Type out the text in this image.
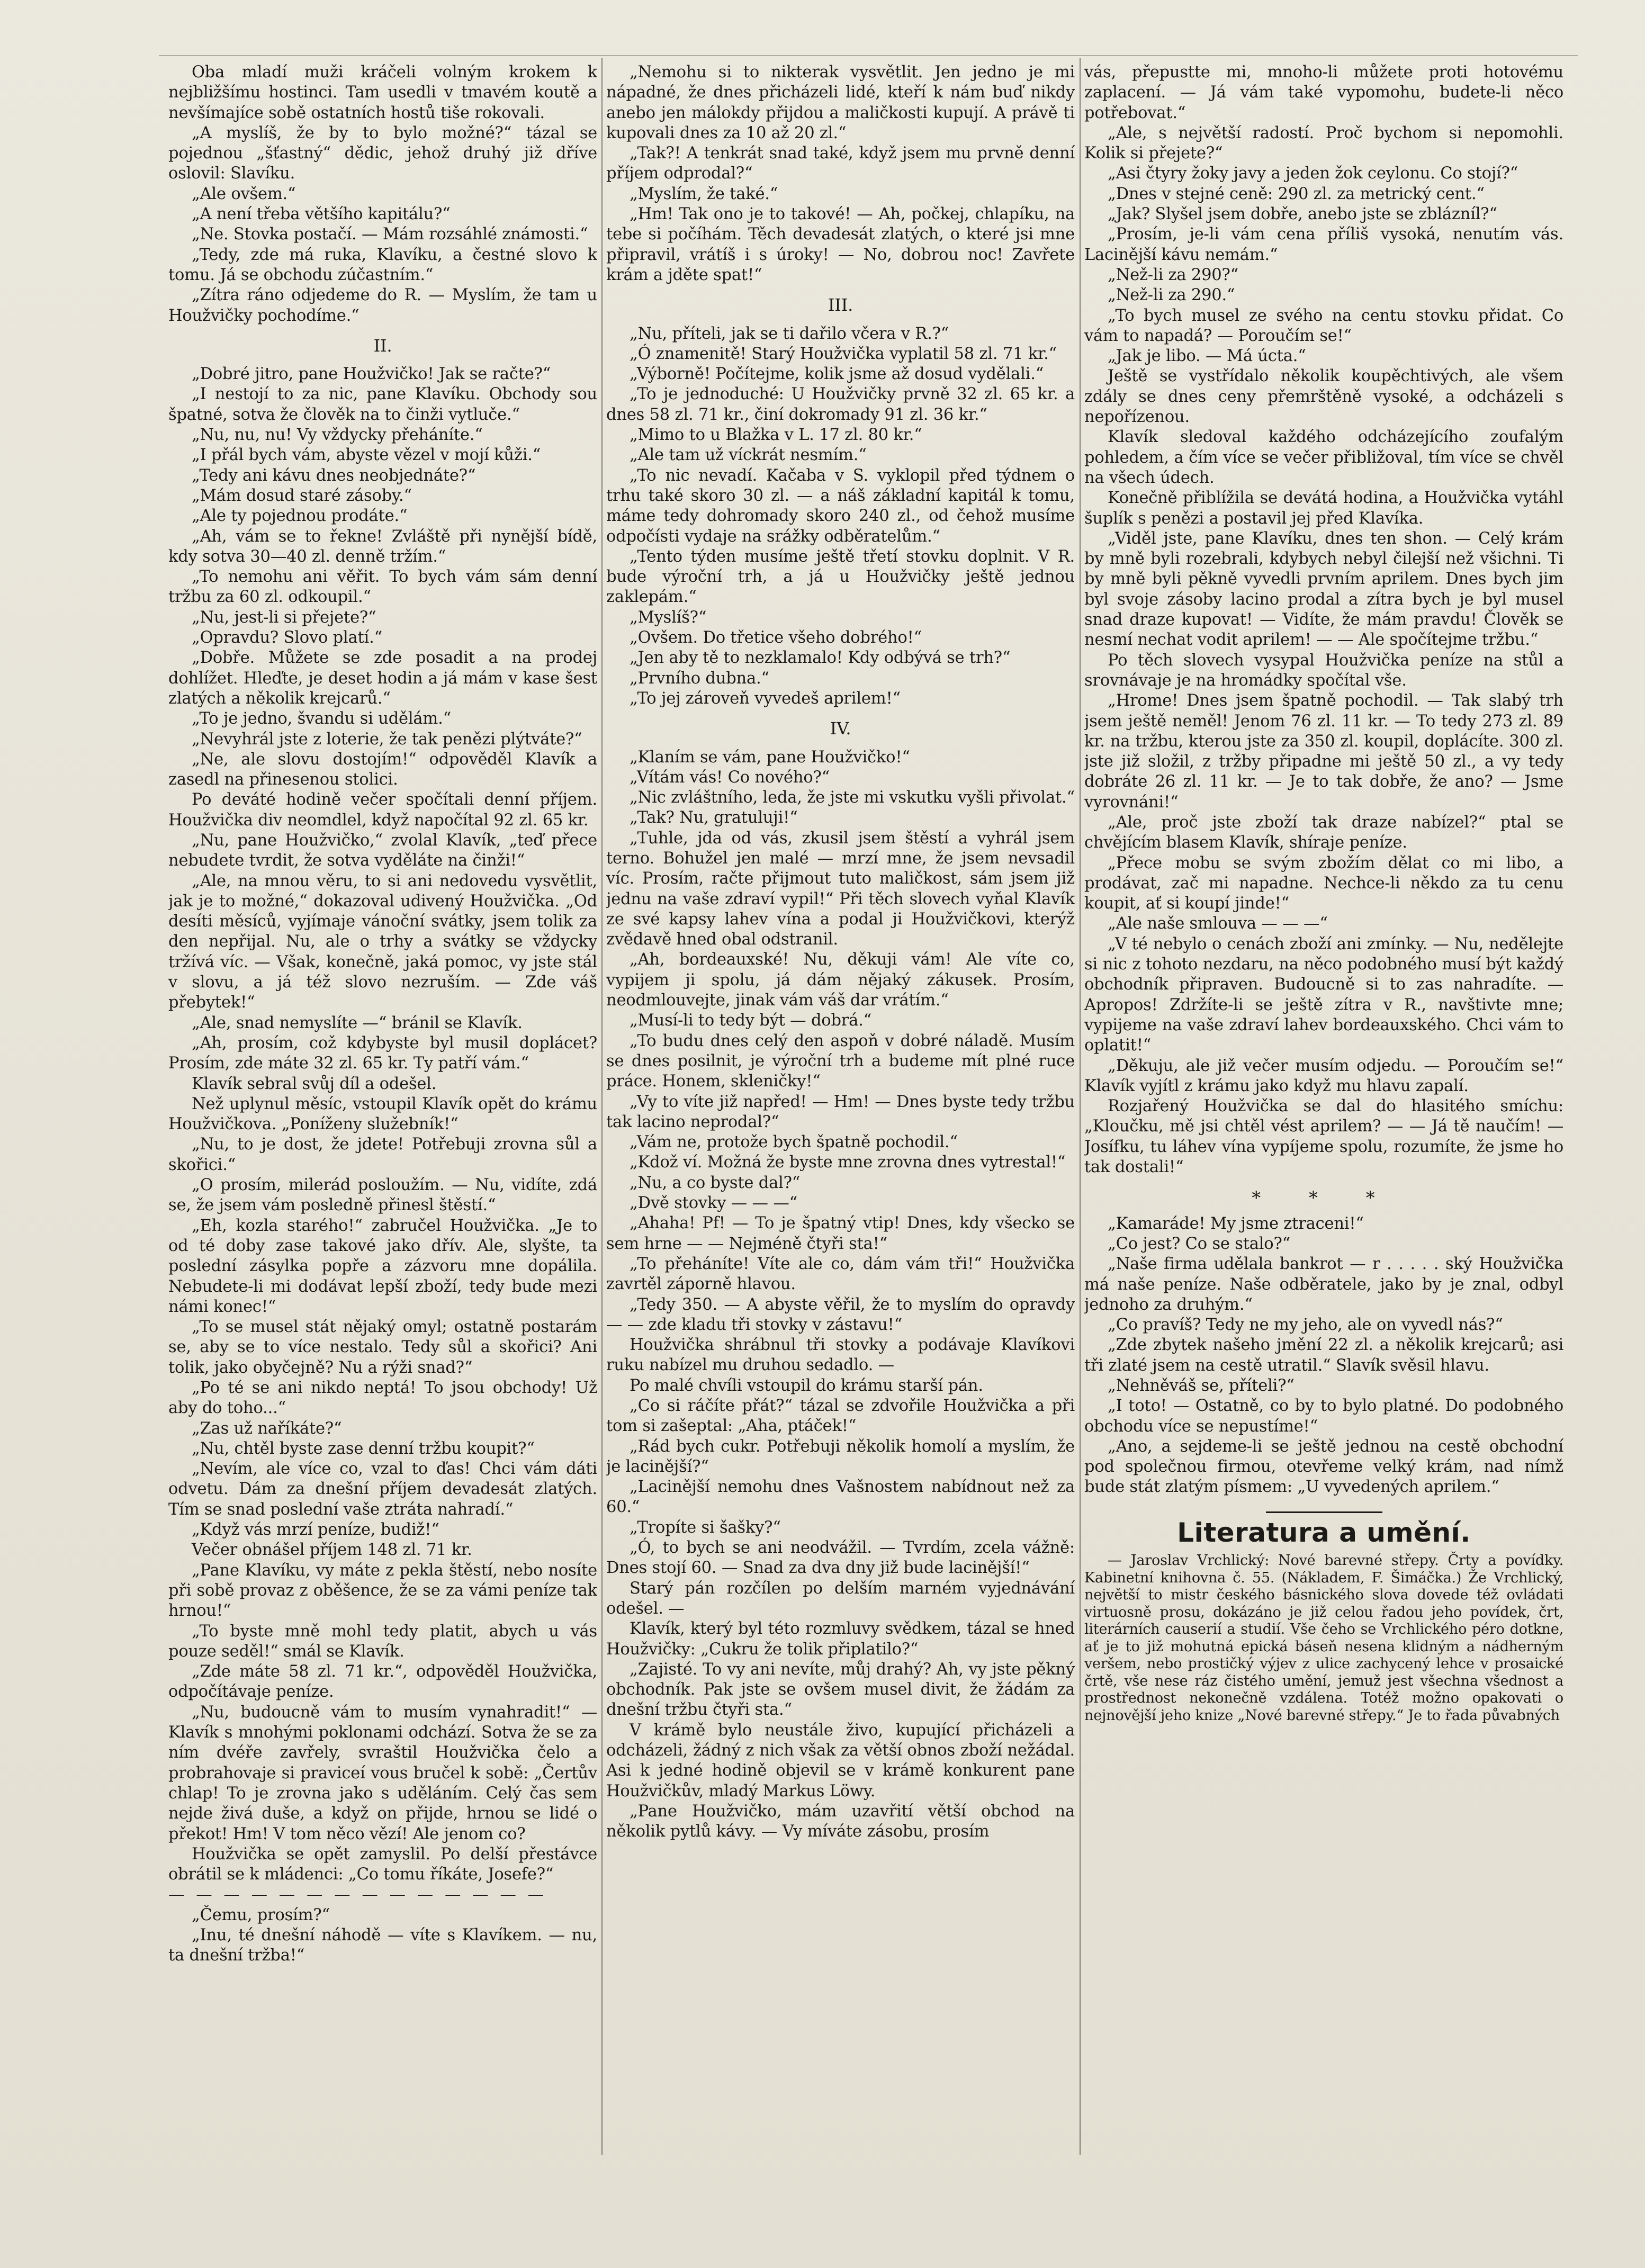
Oba mladí muži kráčeli volným krokem k nejbližšímu hostinci. Tam usedli v tmavém koutě a nevšímajíce sobě ostatních hostů tiše rokovali.

„A myslíš, že by to bylo možné?“ tázal se pojednou „šťastný“ dědic, jehož druhý již dříve oslovil: Slavíku.

„Ale ovšem.“

„A není třeba většího kapitálu?“

„Ne. Stovka postačí. — Mám rozsáhlé známosti.“

„Tedy, zde má ruka, Klavíku, a čestné slovo k tomu. Já se obchodu zúčastním.“

„Zítra ráno odjedeme do R. — Myslím, že tam u Houžvičky pochodíme.“

II.

„Dobré jitro, pane Houžvičko! Jak se račte?“

„I nestojí to za nic, pane Klavíku. Obchody sou špatné, sotva že člověk na to činži vytluče.“

„Nu, nu, nu! Vy vždycky přeháníte.“

„I přál bych vám, abyste vězel v mojí kůži.“

„Tedy ani kávu dnes neobjednáte?“

„Mám dosud staré zásoby.“

„Ale ty pojednou prodáte.“

„Ah, vám se to řekne! Zvláště při nynější bídě, kdy sotva 30—40 zl. denně tržím.“

„To nemohu ani věřit. To bych vám sám denní tržbu za 60 zl. odkoupil.“

„Nu, jest-li si přejete?“

„Opravdu? Slovo platí.“

„Dobře. Můžete se zde posadit a na prodej dohlížet. Hleďte, je deset hodin a já mám v kase šest zlatých a několik krejcarů.“

„To je jedno, švandu si udělám.“

„Nevyhrál jste z loterie, že tak penězi plýtváte?“

„Ne, ale slovu dostojím!“ odpověděl Klavík a zasedl na přinesenou stolici.

Po deváté hodině večer spočítali denní příjem. Houžvička div neomdlel, když napočítal 92 zl. 65 kr.

„Nu, pane Houžvičko,“ zvolal Klavík, „teď přece nebudete tvrdit, že sotva vyděláte na činži!“

„Ale, na mnou věru, to si ani nedovedu vysvětlit, jak je to možné,“ dokazoval udivený Houžvička. „Od desíti měsíců, vyjímaje vánoční svátky, jsem tolik za den nepřijal. Nu, ale o trhy a svátky se vždycky tržívá víc. — Však, konečně, jaká pomoc, vy jste stál v slovu, a já též slovo nezruším. — Zde váš přebytek!“

„Ale, snad nemyslíte —“ bránil se Klavík.

„Ah, prosím, což kdybyste byl musil doplácet? Prosím, zde máte 32 zl. 65 kr. Ty patří vám.“

Klavík sebral svůj díl a odešel.

Než uplynul měsíc, vstoupil Klavík opět do krámu Houžvičkova. „Poníženy služebník!“

„Nu, to je dost, že jdete! Potřebuji zrovna sůl a skořici.“

„O prosím, milerád posloužím. — Nu, vidíte, zdá se, že jsem vám posledně přinesl štěstí.“

„Eh, kozla starého!“ zabručel Houžvička. „Je to od té doby zase takové jako dřív. Ale, slyšte, ta poslední zásylka popře a zázvoru mne dopálila. Nebudete-li mi dodávat lepší zboží, tedy bude mezi námi konec!“

„To se musel stát nějaký omyl; ostatně postarám se, aby se to více nestalo. Tedy sůl a skořici? Ani tolik, jako obyčejně? Nu a rýži snad?“

„Po té se ani nikdo neptá! To jsou obchody! Už aby do toho...“

„Zas už naříkáte?“

„Nu, chtěl byste zase denní tržbu koupit?“

„Nevím, ale více co, vzal to ďas! Chci vám dáti odvetu. Dám za dnešní příjem devadesát zlatých. Tím se snad poslední vaše ztráta nahradí.“

„Když vás mrzí peníze, budiž!“

Večer obnášel příjem 148 zl. 71 kr.

„Pane Klavíku, vy máte z pekla štěstí, nebo nosíte při sobě provaz z oběšence, že se za vámi peníze tak hrnou!“

„To byste mně mohl tedy platit, abych u vás pouze seděl!“ smál se Klavík.

„Zde máte 58 zl. 71 kr.“, odpověděl Houžvička, odpočítávaje peníze.

„Nu, budoucně vám to musím vynahradit!“ — Klavík s mnohými poklonami odchází. Sotva že se za ním dvéře zavřely, svraštil Houžvička čelo a probrahovaje si praviceí vous bručel k sobě: „Čertův chlap! To je zrovna jako s uděláním. Celý čas sem nejde živá duše, a když on přijde, hrnou se lidé o překot! Hm! V tom něco vězí! Ale jenom co?

Houžvička se opět zamyslil. Po delší přestávce obrátil se k mládenci: „Co tomu říkáte, Josefe?“

— — — — — — — — — — — — — —

„Čemu, prosím?“

„Inu, té dnešní náhodě — víte s Klavíkem. — nu, ta dnešní tržba!“

„Nemohu si to nikterak vysvětlit. Jen jedno je mi nápadné, že dnes přicházeli lidé, kteří k nám buď nikdy anebo jen málokdy přijdou a maličkosti kupují. A právě ti kupovali dnes za 10 až 20 zl.“

„Tak?! A tenkrát snad také, když jsem mu prvně denní příjem odprodal?“

„Myslím, že také.“

„Hm! Tak ono je to takové! — Ah, počkej, chlapíku, na tebe si počíhám. Těch devadesát zlatých, o které jsi mne připravil, vrátíš i s úroky! — No, dobrou noc! Zavřete krám a jděte spat!“

III.

„Nu, příteli, jak se ti dařilo včera v R.?“

„Ó znamenitě! Starý Houžvička vyplatil 58 zl. 71 kr.“

„Výborně! Počítejme, kolik jsme až dosud vydělali.“

„To je jednoduché: U Houžvičky prvně 32 zl. 65 kr. a dnes 58 zl. 71 kr., činí dokromady 91 zl. 36 kr.“

„Mimo to u Blažka v L. 17 zl. 80 kr.“

„Ale tam už víckrát nesmím.“

„To nic nevadí. Kačaba v S. vyklopil před týdnem o trhu také skoro 30 zl. — a náš základní kapitál k tomu, máme tedy dohromady skoro 240 zl., od čehož musíme odpočísti vydaje na srážky odběratelům.“

„Tento týden musíme ještě třetí stovku doplnit. V R. bude výroční trh, a já u Houžvičky ještě jednou zaklepám.“

„Myslíš?“

„Ovšem. Do třetice všeho dobrého!“

„Jen aby tě to nezklamalo! Kdy odbývá se trh?“

„Prvního dubna.“

„To jej zároveň vyvedeš aprilem!“

IV.

„Klaním se vám, pane Houžvičko!“

„Vítám vás! Co nového?“

„Nic zvláštního, leda, že jste mi vskutku vyšli přivolat.“

„Tak? Nu, gratuluji!“

„Tuhle, jda od vás, zkusil jsem štěstí a vyhrál jsem terno. Bohužel jen malé — mrzí mne, že jsem nevsadil víc. Prosím, račte přijmout tuto maličkost, sám jsem již jednu na vaše zdraví vypil!“ Při těch slovech vyňal Klavík ze své kapsy lahev vína a podal ji Houžvičkovi, kterýž zvědavě hned obal odstranil.

„Ah, bordeauxské! Nu, děkuji vám! Ale víte co, vypijem ji spolu, já dám nějaký zákusek. Prosím, neodmlouvejte, jinak vám váš dar vrátím.“

„Musí-li to tedy být — dobrá.“

„To budu dnes celý den aspoň v dobré náladě. Musím se dnes posilnit, je výroční trh a budeme mít plné ruce práce. Honem, skleničky!“

„Vy to víte již napřed! — Hm! — Dnes byste tedy tržbu tak lacino neprodal?“

„Vám ne, protože bych špatně pochodil.“

„Kdož ví. Možná že byste mne zrovna dnes vytrestal!“

„Nu, a co byste dal?“

„Dvě stovky — — —“

„Ahaha! Pf! — To je špatný vtip! Dnes, kdy všecko se sem hrne — — Nejméně čtyři sta!“

„To přeháníte! Víte ale co, dám vám tři!“ Houžvička zavrtěl záporně hlavou.

„Tedy 350. — A abyste věřil, že to myslím do opravdy — — zde kladu tři stovky v zástavu!“

Houžvička shrábnul tři stovky a podávaje Klavíkovi ruku nabízel mu druhou sedadlo. —

Po malé chvíli vstoupil do krámu starší pán.

„Co si ráčíte přát?“ tázal se zdvořile Houžvička a při tom si zašeptal: „Aha, ptáček!“

„Rád bych cukr. Potřebuji několik homolí a myslím, že je lacinější?“

„Lacinější nemohu dnes Vašnostem nabídnout než za 60.“

„Tropíte si šašky?“

„Ó, to bych se ani neodvážil. — Tvrdím, zcela vážně: Dnes stojí 60. — Snad za dva dny již bude lacinější!“

Starý pán rozčílen po delším marném vyjednávání odešel. —

Klavík, který byl této rozmluvy svědkem, tázal se hned Houžvičky: „Cukru že tolik připlatilo?“

„Zajisté. To vy ani nevíte, můj drahý? Ah, vy jste pěkný obchodník. Pak jste se ovšem musel divit, že žádám za dnešní tržbu čtyři sta.“

V krámě bylo neustále živo, kupující přicházeli a odcházeli, žádný z nich však za větší obnos zboží nežádal. Asi k jedné hodině objevil se v krámě konkurent pane Houžvičkův, mladý Markus Löwy.

„Pane Houžvičko, mám uzavřití větší obchod na několik pytlů kávy. — Vy míváte zásobu, prosím

vás, přepustte mi, mnoho-li můžete proti hotovému zaplacení. — Já vám také vypomohu, budete-li něco potřebovat.“

„Ale, s největší radostí. Proč bychom si nepomohli. Kolik si přejete?“

„Asi čtyry žoky javy a jeden žok ceylonu. Co stojí?“

„Dnes v stejné ceně: 290 zl. za metrický cent.“

„Jak? Slyšel jsem dobře, anebo jste se zblázníl?“

„Prosím, je-li vám cena příliš vysoká, nenutím vás. Lacinější kávu nemám.“

„Než-li za 290?“

„Než-li za 290.“

„To bych musel ze svého na centu stovku přidat. Co vám to napadá? — Poroučím se!“

„Jak je libo. — Má úcta.“

Ještě se vystřídalo několik koupěchtivých, ale všem zdály se dnes ceny přemrštěně vysoké, a odcházeli s nepořízenou.

Klavík sledoval každého odcházejícího zoufalým pohledem, a čím více se večer přibližoval, tím více se chvěl na všech údech.

Konečně přiblížila se devátá hodina, a Houžvička vytáhl šuplík s penězi a postavil jej před Klavíka.

„Viděl jste, pane Klavíku, dnes ten shon. — Celý krám by mně byli rozebrali, kdybych nebyl čilejší než všichni. Ti by mně byli pěkně vyvedli prvním aprilem. Dnes bych jim byl svoje zásoby lacino prodal a zítra bych je byl musel snad draze kupovat! — Vidíte, že mám pravdu! Člověk se nesmí nechat vodit aprilem! — — Ale spočítejme tržbu.“

Po těch slovech vysypal Houžvička peníze na stůl a srovnávaje je na hromádky spočítal vše.

„Hrome! Dnes jsem špatně pochodil. — Tak slabý trh jsem ještě neměl! Jenom 76 zl. 11 kr. — To tedy 273 zl. 89 kr. na tržbu, kterou jste za 350 zl. koupil, doplácíte. 300 zl. jste již složil, z tržby připadne mi ještě 50 zl., a vy tedy dobráte 26 zl. 11 kr. — Je to tak dobře, že ano? — Jsme vyrovnáni!“

„Ale, proč jste zboží tak draze nabízel?“ ptal se chvějícím blasem Klavík, shíraje peníze.

„Přece mobu se svým zbožím dělat co mi libo, a prodávat, zač mi napadne. Nechce-li někdo za tu cenu koupit, ať si koupí jinde!“

„Ale naše smlouva — — —“

„V té nebylo o cenách zboží ani zmínky. — Nu, nedělejte si nic z tohoto nezdaru, na něco podobného musí být každý obchodník připraven. Budoucně si to zas nahradíte. — Apropos! Zdržíte-li se ještě zítra v R., navštivte mne; vypijeme na vaše zdraví lahev bordeauxského. Chci vám to oplatit!“

„Děkuju, ale již večer musím odjedu. — Poroučím se!“ Klavík vyjítl z krámu jako když mu hlavu zapalí.

Rozjařený Houžvička se dal do hlasitého smíchu: „Kloučku, mě jsi chtěl vést aprilem? — — Já tě naučím! — Josífku, tu láhev vína vypíjeme spolu, rozumíte, že jsme ho tak dostali!“

* * *

„Kamaráde! My jsme ztraceni!“

„Co jest? Co se stalo?“

„Naše firma udělala bankrot — r . . . . . ský Houžvička má naše peníze. Naše odběratele, jako by je znal, odbyl jednoho za druhým.“

„Co pravíš? Tedy ne my jeho, ale on vyvedl nás?“

„Zde zbytek našeho jmění 22 zl. a několik krejcarů; asi tři zlaté jsem na cestě utratil.“ Slavík svěsil hlavu.

„Nehněváš se, příteli?“

„I toto! — Ostatně, co by to bylo platné. Do podobného obchodu více se nepustíme!“

„Ano, a sejdeme-li se ještě jednou na cestě obchodní pod společnou firmou, otevřeme velký krám, nad nímž bude stát zlatým písmem: „U vyvedených aprilem.“

Literatura a umění.

— Jaroslav Vrchlický: Nové barevné střepy. Črty a povídky. Kabinetní knihovna č. 55. (Nákladem, F. Šimáčka.) Že Vrchlický, největší to mistr českého básnického slova dovede též ovládati virtuosně prosu, dokázáno je již celou řadou jeho povídek, črt, literárních causerií a studií. Vše čeho se Vrchlického péro dotkne, ať je to již mohutná epická báseň nesena klidným a nádherným veršem, nebo prostičký výjev z ulice zachycený lehce v prosaické črtě, vše nese ráz čistého umění, jemuž jest všechna všednost a prostřednost nekonečně vzdálena. Totéž možno opakovati o nejnovější jeho knize „Nové barevné střepy.“ Je to řada půvabných
